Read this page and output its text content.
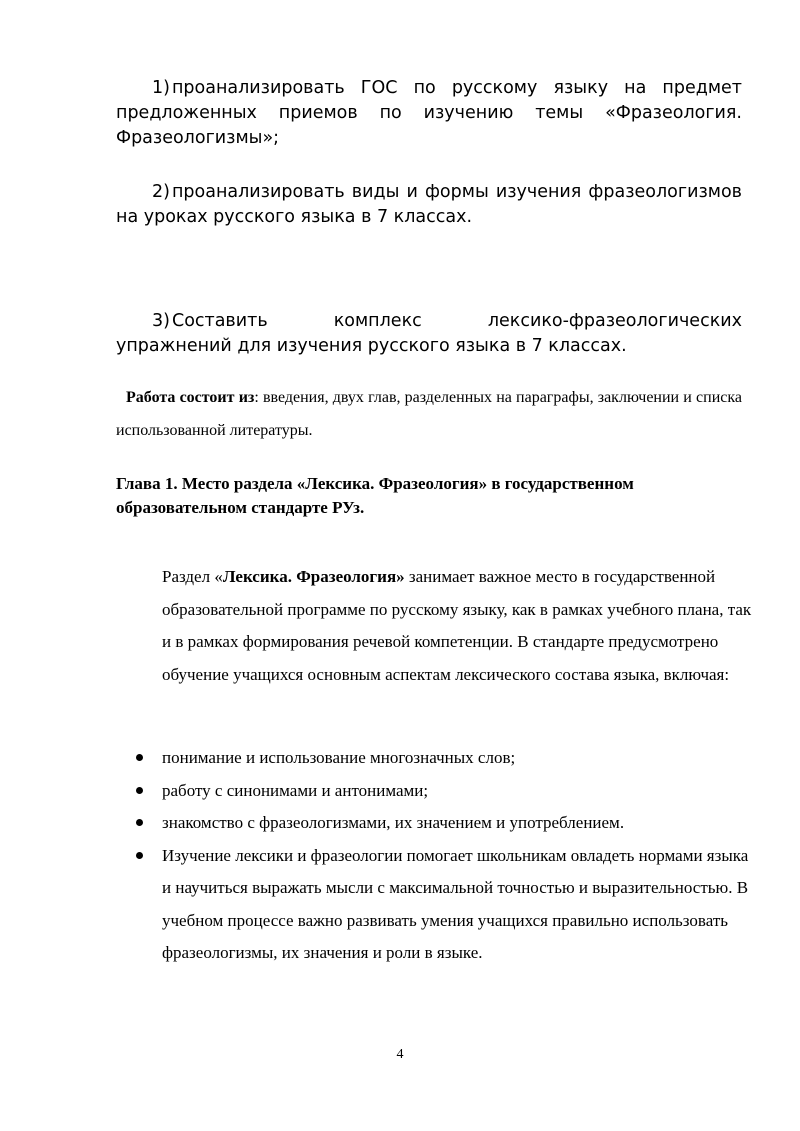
1) проанализировать ГОС по русскому языку на предмет предложенных приемов по изучению темы «Фразеология. Фразеологизмы»;
2) проанализировать виды и формы изучения фразеологизмов на уроках русского языка в 7 классах.
3) Составить комплекс лексико-фразеологических упражнений для изучения русского языка в 7 классах.
Работа состоит из: введения, двух глав, разделенных на параграфы, заключении и списка использованной литературы.
Глава 1. Место раздела «Лексика. Фразеология» в государственном образовательном стандарте РУз.
Раздел «Лексика. Фразеология» занимает важное место в государственной образовательной программе по русскому языку, как в рамках учебного плана, так и в рамках формирования речевой компетенции. В стандарте предусмотрено обучение учащихся основным аспектам лексического состава языка, включая:
понимание и использование многозначных слов;
работу с синонимами и антонимами;
знакомство с фразеологизмами, их значением и употреблением.
Изучение лексики и фразеологии помогает школьникам овладеть нормами языка и научиться выражать мысли с максимальной точностью и выразительностью. В учебном процессе важно развивать умения учащихся правильно использовать фразеологизмы, их значения и роли в языке.
4
